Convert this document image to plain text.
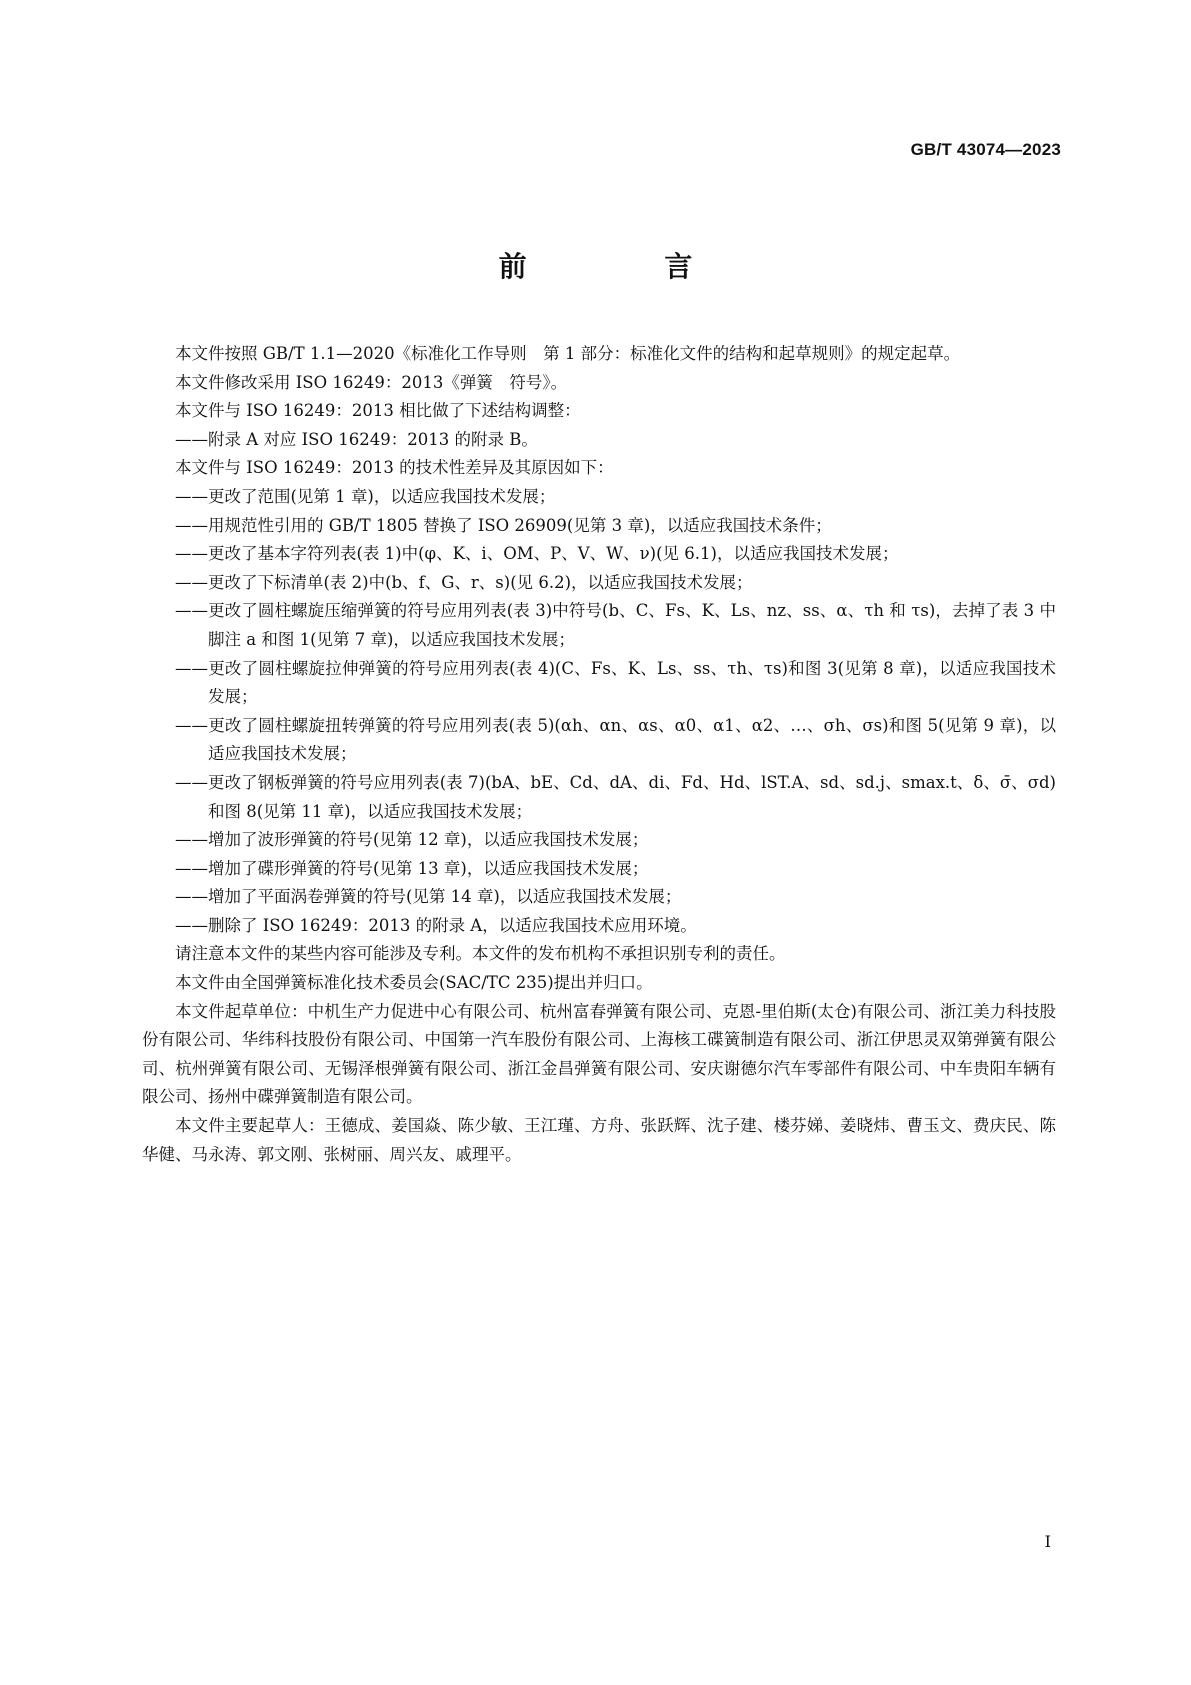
GB/T 43074—2023
前 言

本文件按照 GB/T 1.1—2020《标准化工作导则　第 1 部分：标准化文件的结构和起草规则》的规定起草。

本文件修改采用 ISO 16249：2013《弹簧　符号》。

本文件与 ISO 16249：2013 相比做了下述结构调整：

——附录 A 对应 ISO 16249：2013 的附录 B。

本文件与 ISO 16249：2013 的技术性差异及其原因如下：

——更改了范围(见第 1 章)，以适应我国技术发展；

——用规范性引用的 GB/T 1805 替换了 ISO 26909(见第 3 章)，以适应我国技术条件；

——更改了基本字符列表(表 1)中(φ、K、i、OM、P、V、W、ν)(见 6.1)，以适应我国技术发展；

——更改了下标清单(表 2)中(b、f、G、r、s)(见 6.2)，以适应我国技术发展；

——更改了圆柱螺旋压缩弹簧的符号应用列表(表 3)中符号(b、C、Fs、K、Ls、nz、ss、α、τh 和 τs)，去掉了表 3 中脚注 a 和图 1(见第 7 章)，以适应我国技术发展；

——更改了圆柱螺旋拉伸弹簧的符号应用列表(表 4)(C、Fs、K、Ls、ss、τh、τs)和图 3(见第 8 章)，以适应我国技术发展；

——更改了圆柱螺旋扭转弹簧的符号应用列表(表 5)(αh、αn、αs、α0、α1、α2、…、σh、σs)和图 5(见第 9 章)，以适应我国技术发展；

——更改了钢板弹簧的符号应用列表(表 7)(bA、bE、Cd、dA、di、Fd、Hd、lST.A、sd、sd.j、smax.t、δ、σ̄、σd)和图 8(见第 11 章)，以适应我国技术发展；

——增加了波形弹簧的符号(见第 12 章)，以适应我国技术发展；

——增加了碟形弹簧的符号(见第 13 章)，以适应我国技术发展；

——增加了平面涡卷弹簧的符号(见第 14 章)，以适应我国技术发展；

——删除了 ISO 16249：2013 的附录 A，以适应我国技术应用环境。

请注意本文件的某些内容可能涉及专利。本文件的发布机构不承担识别专利的责任。

本文件由全国弹簧标准化技术委员会(SAC/TC 235)提出并归口。

本文件起草单位：中机生产力促进中心有限公司、杭州富春弹簧有限公司、克恩-里伯斯(太仓)有限公司、浙江美力科技股份有限公司、华纬科技股份有限公司、中国第一汽车股份有限公司、上海核工碟簧制造有限公司、浙江伊思灵双第弹簧有限公司、杭州弹簧有限公司、无锡泽根弹簧有限公司、浙江金昌弹簧有限公司、安庆谢德尔汽车零部件有限公司、中车贵阳车辆有限公司、扬州中碟弹簧制造有限公司。

本文件主要起草人：王德成、姜国焱、陈少敏、王江瑾、方舟、张跃辉、沈子建、楼芬娣、姜晓炜、曹玉文、费庆民、陈华健、马永涛、郭文刚、张树丽、周兴友、戚理平。

I
